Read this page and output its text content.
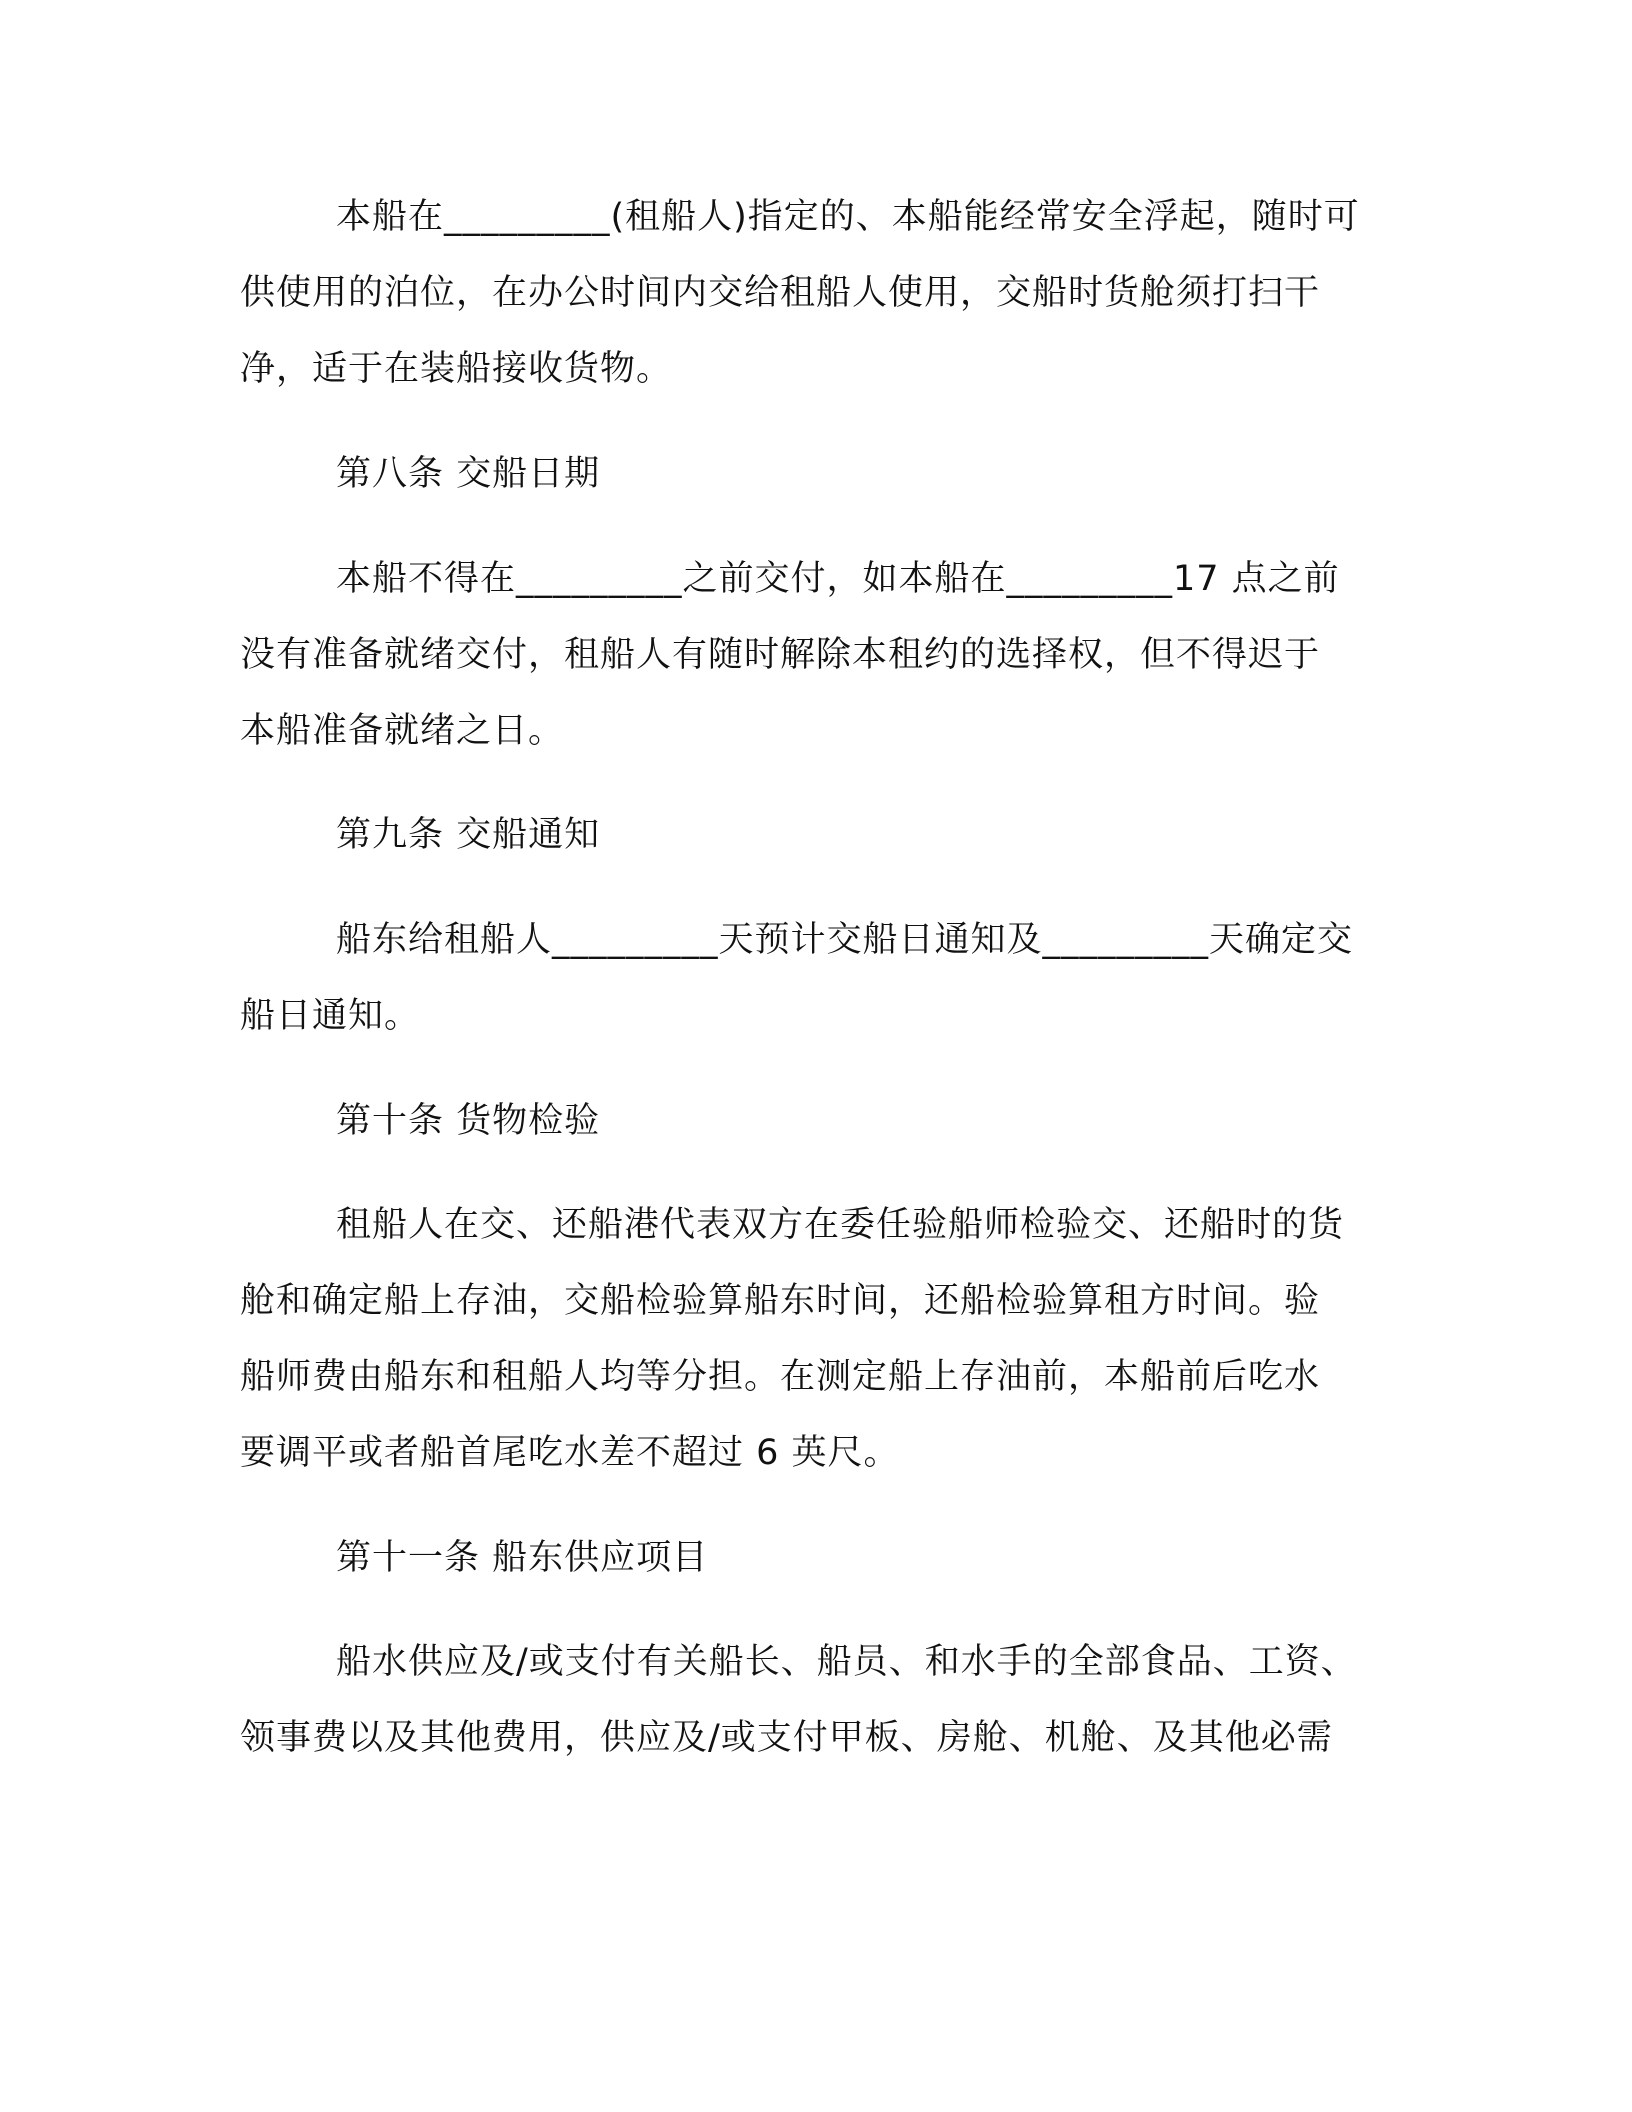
本船在_________(租船人)指定的、本船能经常安全浮起，随时可
供使用的泊位，在办公时间内交给租船人使用，交船时货舱须打扫干
净，适于在装船接收货物。
第八条 交船日期
本船不得在_________之前交付，如本船在_________17 点之前
没有准备就绪交付，租船人有随时解除本租约的选择权，但不得迟于
本船准备就绪之日。
第九条 交船通知
船东给租船人_________天预计交船日通知及_________天确定交
船日通知。
第十条 货物检验
租船人在交、还船港代表双方在委任验船师检验交、还船时的货
舱和确定船上存油，交船检验算船东时间，还船检验算租方时间。验
船师费由船东和租船人均等分担。在测定船上存油前，本船前后吃水
要调平或者船首尾吃水差不超过 6 英尺。
第十一条 船东供应项目
船水供应及/或支付有关船长、船员、和水手的全部食品、工资、
领事费以及其他费用，供应及/或支付甲板、房舱、机舱、及其他必需
